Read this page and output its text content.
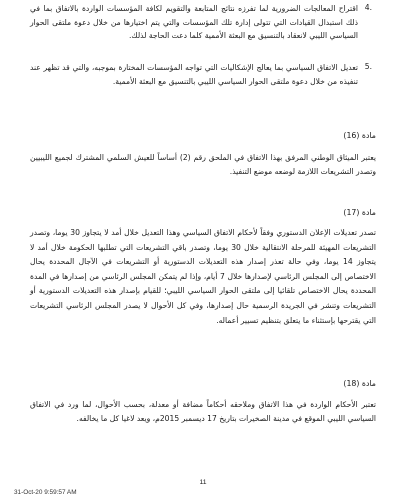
4.
اقتراح المعالجات الضرورية لما تفرزه نتائج المتابعة والتقويم لكافة المؤسسات الواردة بالاتفاق بما في ذلك استبدال القيادات التي تتولى إدارة تلك المؤسسات والتي يتم اختيارها من خلال دعوة ملتقى الحوار السياسي الليبي لانعقاد بالتنسيق مع البعثة الأممية كلما دعت الحاجة لذلك.
5.
تعديل الاتفاق السياسي بما يعالج الإشكاليات التي تواجه المؤسسات المختارة بموجبه، والتي قد تظهر عند تنفيذه من خلال دعوة ملتقى الحوار السياسي الليبي بالتنسيق مع البعثة الأممية.
مادة (16)
يعتبر الميثاق الوطني المرفق بهذا الاتفاق في الملحق رقم (2) أساساً للعيش السلمي المشترك لجميع الليبيين وتصدر التشريعات اللازمة لوضعه موضع التنفيذ.
مادة (17)
تصدر تعديلات الإعلان الدستوري وفقاً لأحكام الاتفاق السياسي وهذا التعديل خلال أمد لا يتجاوز 30 يوما، وتصدر التشريعات المهيئة للمرحلة الانتقالية خلال 30 يوما، وتصدر باقي التشريعات التي تطلبها الحكومة خلال أمد لا يتجاوز 14 يوما، وفي حالة تعذر إصدار هذه التعديلات الدستورية أو التشريعات في الآجال المحددة يحال الاختصاص إلى المجلس الرئاسي لإصدارها خلال 7 أيام، وإذا لم يتمكن المجلس الرئاسي من إصدارها في المدة المحددة يحال الاختصاص تلقائيا إلى ملتقى الحوار السياسي الليبي؛ للقيام بإصدار هذه التعديلات الدستورية أو التشريعات وتنشر في الجريدة الرسمية حال إصدارها، وفي كل الأحوال لا يصدر المجلس الرئاسي التشريعات التي يقترحها بإستثناء ما يتعلق بتنظيم تسيير أعماله.
مادة (18)
تعتبر الأحكام الواردة في هذا الاتفاق وملاحقه أحكاماً مضافة أو معدلة، بحسب الأحوال، لما ورد في الاتفاق السياسي الليبي الموقع في مدينة الصخيرات بتاريخ 17 ديسمبر 2015م، ويعد لاغيا كل ما يخالفه.
11
31-Oct-20 9:59:57 AM
